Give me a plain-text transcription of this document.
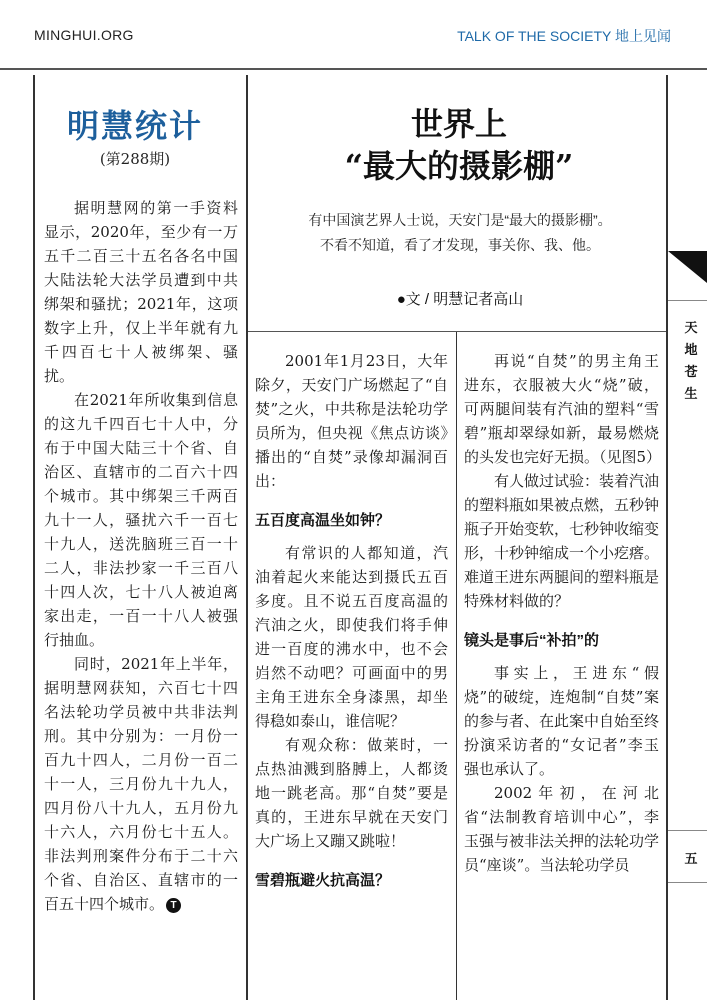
MINGHUI.ORG	TALK OF THE SOCIETY 地上见闻
天
地
苍
生
五
明慧统计
(第288期)

据明慧网的第一手资料显示，2020年，至少有一万五千二百三十五名各名中国大陆法轮大法学员遭到中共绑架和骚扰；2021年，这项数字上升，仅上半年就有九千四百七十人被绑架、骚扰。

在2021年所收集到信息的这九千四百七十人中，分布于中国大陆三十个省、自治区、直辖市的二百六十四个城市。其中绑架三千两百九十一人，骚扰六千一百七十九人，送洗脑班三百一十二人，非法抄家一千三百八十四人次，七十八人被迫离家出走，一百一十八人被强行抽血。

同时，2021年上半年，据明慧网获知，六百七十四名法轮功学员被中共非法判刑。其中分别为：一月份一百九十四人，二月份一百二十一人，三月份九十九人，四月份八十九人，五月份九十六人，六月份七十五人。非法判刑案件分布于二十六个省、自治区、直辖市的一百五十四个城市。 T

世界上
“最大的摄影棚”
有中国演艺界人士说，天安门是“最大的摄影棚”。
不看不知道，看了才发现，事关你、我、他。
●文 / 明慧记者高山

2001年1月23日，大年除夕，天安门广场燃起了“自焚”之火，中共称是法轮功学员所为，但央视《焦点访谈》播出的“自焚”录像却漏洞百出：

五百度高温坐如钟？

有常识的人都知道，汽油着起火来能达到摄氏五百多度。且不说五百度高温的汽油之火，即使我们将手伸进一百度的沸水中，也不会岿然不动吧？可画面中的男主角王进东全身漆黑，却坐得稳如泰山，谁信呢？

有观众称：做莱时，一点热油溅到胳膊上，人都烫地一跳老高。那“自焚”要是真的，王进东早就在天安门大广场上又蹦又跳啦！

雪碧瓶避火抗高温？

再说“自焚”的男主角王进东，衣服被大火“烧”破，可两腿间装有汽油的塑料“雪碧”瓶却翠绿如新，最易燃烧的头发也完好无损。（见图5）

有人做过试验：装着汽油的塑料瓶如果被点燃，五秒钟瓶子开始变软，七秒钟收缩变形，十秒钟缩成一个小疙瘩。难道王进东两腿间的塑料瓶是特殊材料做的？

镜头是事后“补拍”的

事实上，王进东“假烧”的破绽，连炮制“自焚”案的参与者、在此案中自始至终扮演采访者的“女记者”李玉强也承认了。

2002年初，在河北省“法制教育培训中心”，李玉强与被非法关押的法轮功学员“座谈”。当法轮功学员
